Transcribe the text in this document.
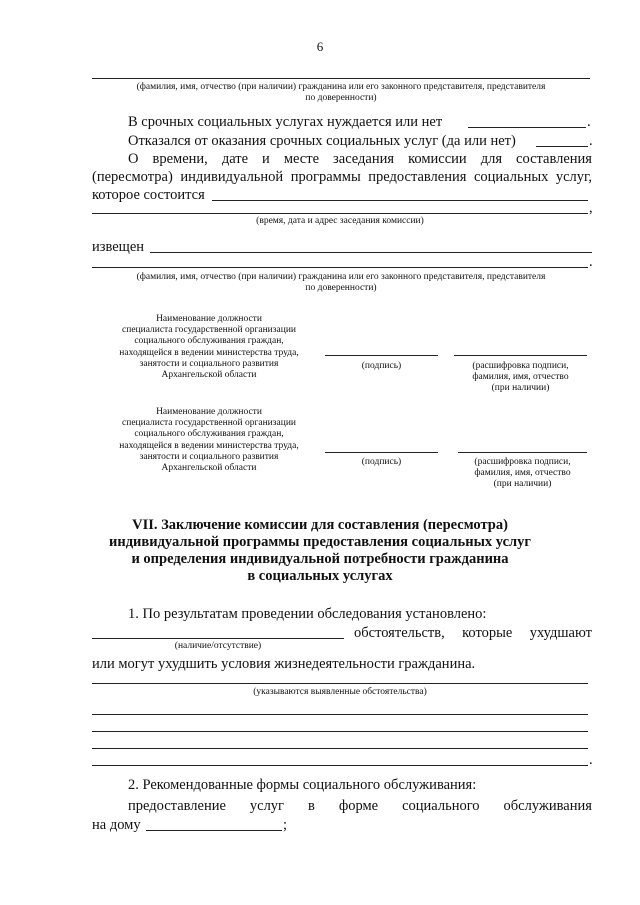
6
(фамилия, имя, отчество (при наличии) гражданина или его законного представителя, представителя
по доверенности)
В срочных социальных услугах нуждается или нет	.
Отказался от оказания срочных социальных услуг (да или нет)	.
О времени, дате и месте заседания комиссии для составления
(пересмотра) индивидуальной программы предоставления социальных услуг,
которое состоится
,
(время, дата и адрес заседания комиссии)
извещен
.
(фамилия, имя, отчество (при наличии) гражданина или его законного представителя, представителя
по доверенности)
Наименование должности
специалиста государственной организации
социального обслуживания граждан,
находящейся в ведении министерства труда,
занятости и социального развития
Архангельской области
(подпись)	(расшифровка подписи,
фамилия, имя, отчество
(при наличии)
Наименование должности
специалиста государственной организации
социального обслуживания граждан,
находящейся в ведении министерства труда,
занятости и социального развития
Архангельской области
(подпись)	(расшифровка подписи,
фамилия, имя, отчество
(при наличии)
VII. Заключение комиссии для составления (пересмотра)
индивидуальной программы предоставления социальных услуг
и определения индивидуальной потребности гражданина
в социальных услугах
1. По результатам проведении обследования установлено:
обстоятельств, которые ухудшают
(наличие/отсутствие)
или могут ухудшить условия жизнедеятельности гражданина.
(указываются выявленные обстоятельства)
.
2. Рекомендованные формы социального обслуживания:
предоставление услуг в форме социального обслуживания
на дому	;
